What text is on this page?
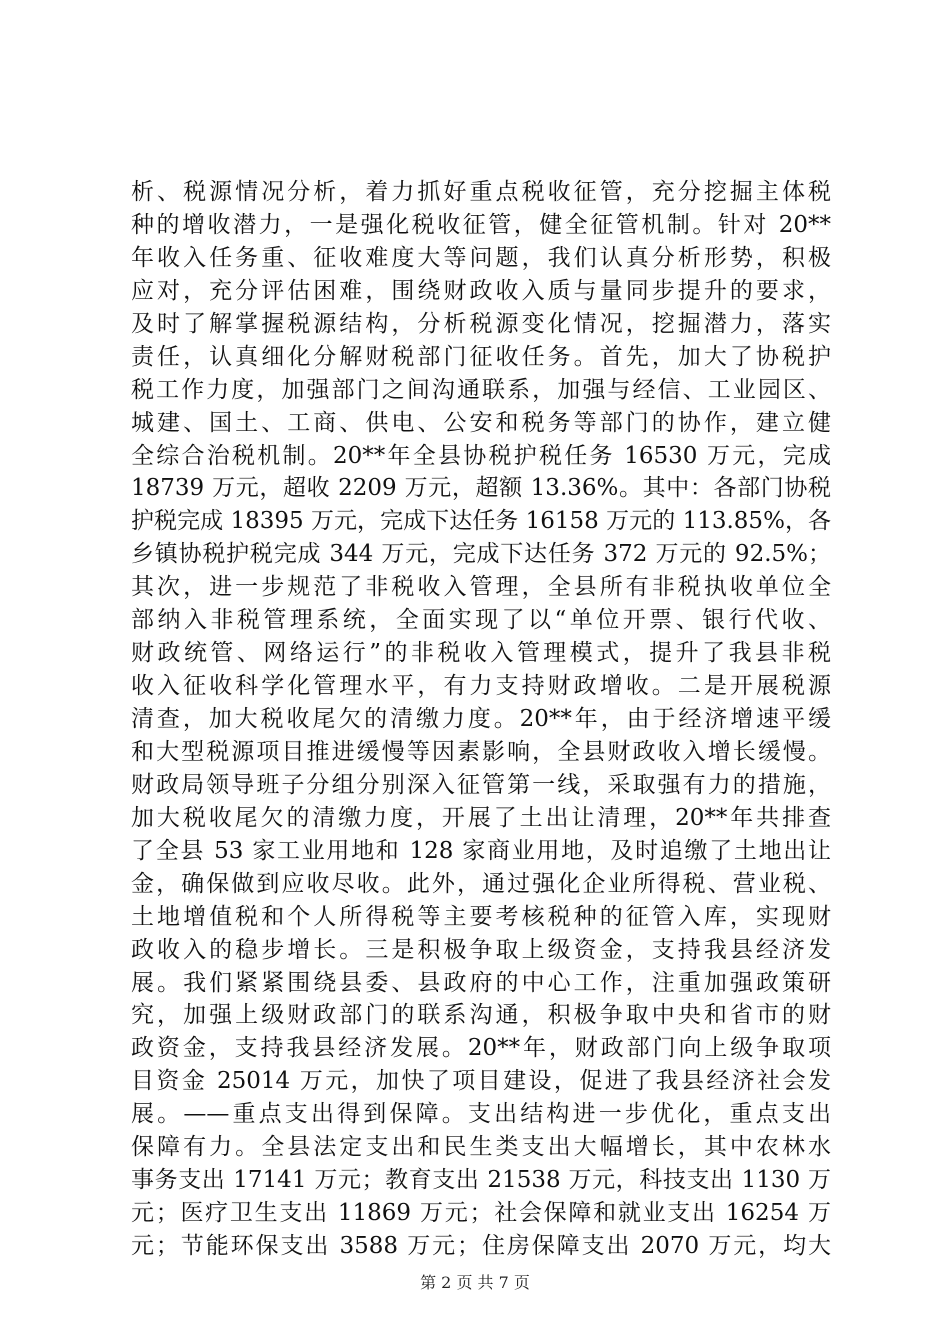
析、税源情况分析，着力抓好重点税收征管，充分挖掘主体税
种的增收潜力，一是强化税收征管，健全征管机制。针对 20**
年收入任务重、征收难度大等问题，我们认真分析形势，积极
应对，充分评估困难，围绕财政收入质与量同步提升的要求，
及时了解掌握税源结构，分析税源变化情况，挖掘潜力，落实
责任，认真细化分解财税部门征收任务。首先，加大了协税护
税工作力度，加强部门之间沟通联系，加强与经信、工业园区、
城建、国土、工商、供电、公安和税务等部门的协作，建立健
全综合治税机制。20**年全县协税护税任务 16530 万元，完成
18739 万元，超收 2209 万元，超额 13.36%。其中：各部门协税
护税完成 18395 万元，完成下达任务 16158 万元的 113.85%，各
乡镇协税护税完成 344 万元，完成下达任务 372 万元的 92.5%；
其次，进一步规范了非税收入管理，全县所有非税执收单位全
部纳入非税管理系统，全面实现了以“单位开票、银行代收、
财政统管、网络运行”的非税收入管理模式，提升了我县非税
收入征收科学化管理水平，有力支持财政增收。二是开展税源
清查，加大税收尾欠的清缴力度。20**年，由于经济增速平缓
和大型税源项目推进缓慢等因素影响，全县财政收入增长缓慢。
财政局领导班子分组分别深入征管第一线，采取强有力的措施，
加大税收尾欠的清缴力度，开展了土出让清理，20**年共排查
了全县 53 家工业用地和 128 家商业用地，及时追缴了土地出让
金，确保做到应收尽收。此外，通过强化企业所得税、营业税、
土地增值税和个人所得税等主要考核税种的征管入库，实现财
政收入的稳步增长。三是积极争取上级资金，支持我县经济发
展。我们紧紧围绕县委、县政府的中心工作，注重加强政策研
究，加强上级财政部门的联系沟通，积极争取中央和省市的财
政资金，支持我县经济发展。20**年，财政部门向上级争取项
目资金 25014 万元，加快了项目建设，促进了我县经济社会发
展。——重点支出得到保障。支出结构进一步优化，重点支出
保障有力。全县法定支出和民生类支出大幅增长，其中农林水
事务支出 17141 万元；教育支出 21538 万元，科技支出 1130 万
元；医疗卫生支出 11869 万元；社会保障和就业支出 16254 万
元；节能环保支出 3588 万元；住房保障支出 2070 万元，均大
第 2 页 共 7 页
